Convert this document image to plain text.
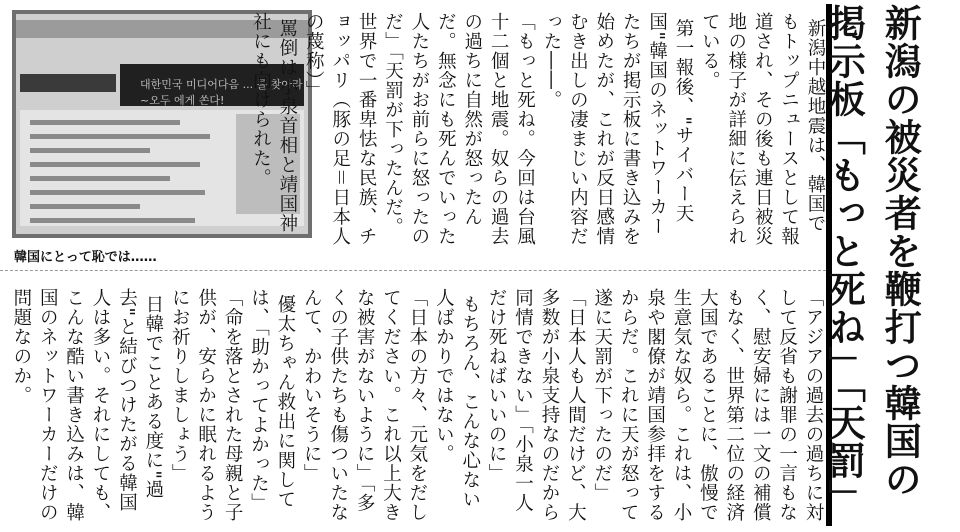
新潟の被災者を鞭打つ韓国の
掲示板「もっと死ね」「天罰」
대한민국 미디어다음 ... 를 찾아라~오두 에게 쏜다!
韓国にとって恥では……

新潟中越地震は、韓国でもトップニュースとして報道され、その後も連日被災地の様子が詳細に伝えられている。
第一報後、"サイバー天国"韓国のネットワーカーたちが掲示板に書き込みを始めたが、これが反日感情むき出しの凄まじい内容だった――。
「もっと死ね。今回は台風十二個と地震。奴らの過去の過ちに自然が怒ったんだ。無念にも死んでいった人たちがお前らに怒ったのだ」「天罰が下ったんだ。世界で一番卑怯な民族、チョッパリ（豚の足＝日本人の蔑称）」
罵倒は小泉首相と靖国神社にも向けられた。

「アジアの過去の過ちに対して反省も謝罪の一言もなく、慰安婦には一文の補償もなく、世界第二位の経済大国であることに、傲慢で生意気な奴ら。これは、小泉や閣僚が靖国参拝をするからだ。これに天が怒って遂に天罰が下ったのだ」「日本人も人間だけど、大多数が小泉支持なのだから同情できない」「小泉一人だけ死ねばいいのに」
もちろん、こんな心ない人ばかりではない。
「日本の方々、元気をだしてください。これ以上大きな被害がないように」「多くの子供たちも傷ついたなんて、かわいそうに」
優太ちゃん救出に関しては、「助かってよかった」「命を落とされた母親と子供が、安らかに眠れるようにお祈りしましょう」
日韓でことある度に"過去"と結びつけたがる韓国人は多い。それにしても、こんな酷い書き込みは、韓国のネットワーカーだけの問題なのか。
